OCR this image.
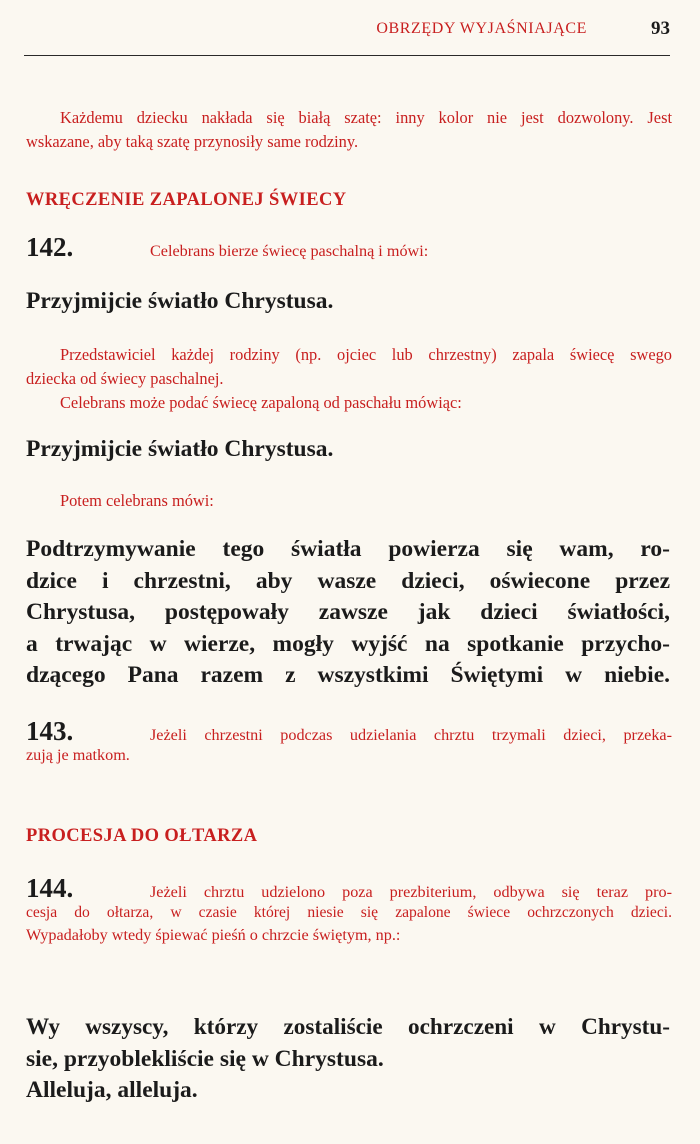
OBRZĘDY WYJAŚNIAJĄCE	93
Każdemu dziecku nakłada się białą szatę: inny kolor nie jest dozwolony. Jest
wskazane, aby taką szatę przynosiły same rodziny.

WRĘCZENIE ZAPALONEJ ŚWIECY

142.	Celebrans bierze świecę paschalną i mówi:

Przyjmijcie światło Chrystusa.

Przedstawiciel każdej rodziny (np. ojciec lub chrzestny) zapala świecę swego
dziecka od świecy paschalnej.
Celebrans może podać świecę zapaloną od paschału mówiąc:

Przyjmijcie światło Chrystusa.

Potem celebrans mówi:
Podtrzymywanie tego światła powierza się wam, ro-
dzice i chrzestni, aby wasze dzieci, oświecone przez
Chrystusa, postępowały zawsze jak dzieci światłości,
a trwając w wierze, mogły wyjść na spotkanie przycho-
dzącego Pana razem z wszystkimi Świętymi w niebie.
143.	Jeżeli chrzestni podczas udzielania chrztu trzymali dzieci, przeka-
zują je matkom.

PROCESJA DO OŁTARZA

144.	Jeżeli chrztu udzielono poza prezbiterium, odbywa się teraz pro-
cesja do ołtarza, w czasie której niesie się zapalone świece ochrzczonych dzieci.
Wypadałoby wtedy śpiewać pieśń o chrzcie świętym, np.:
Wy wszyscy, którzy zostaliście ochrzczeni w Chrystu-
sie, przyoblekliście się w Chrystusa.
Alleluja, alleluja.
